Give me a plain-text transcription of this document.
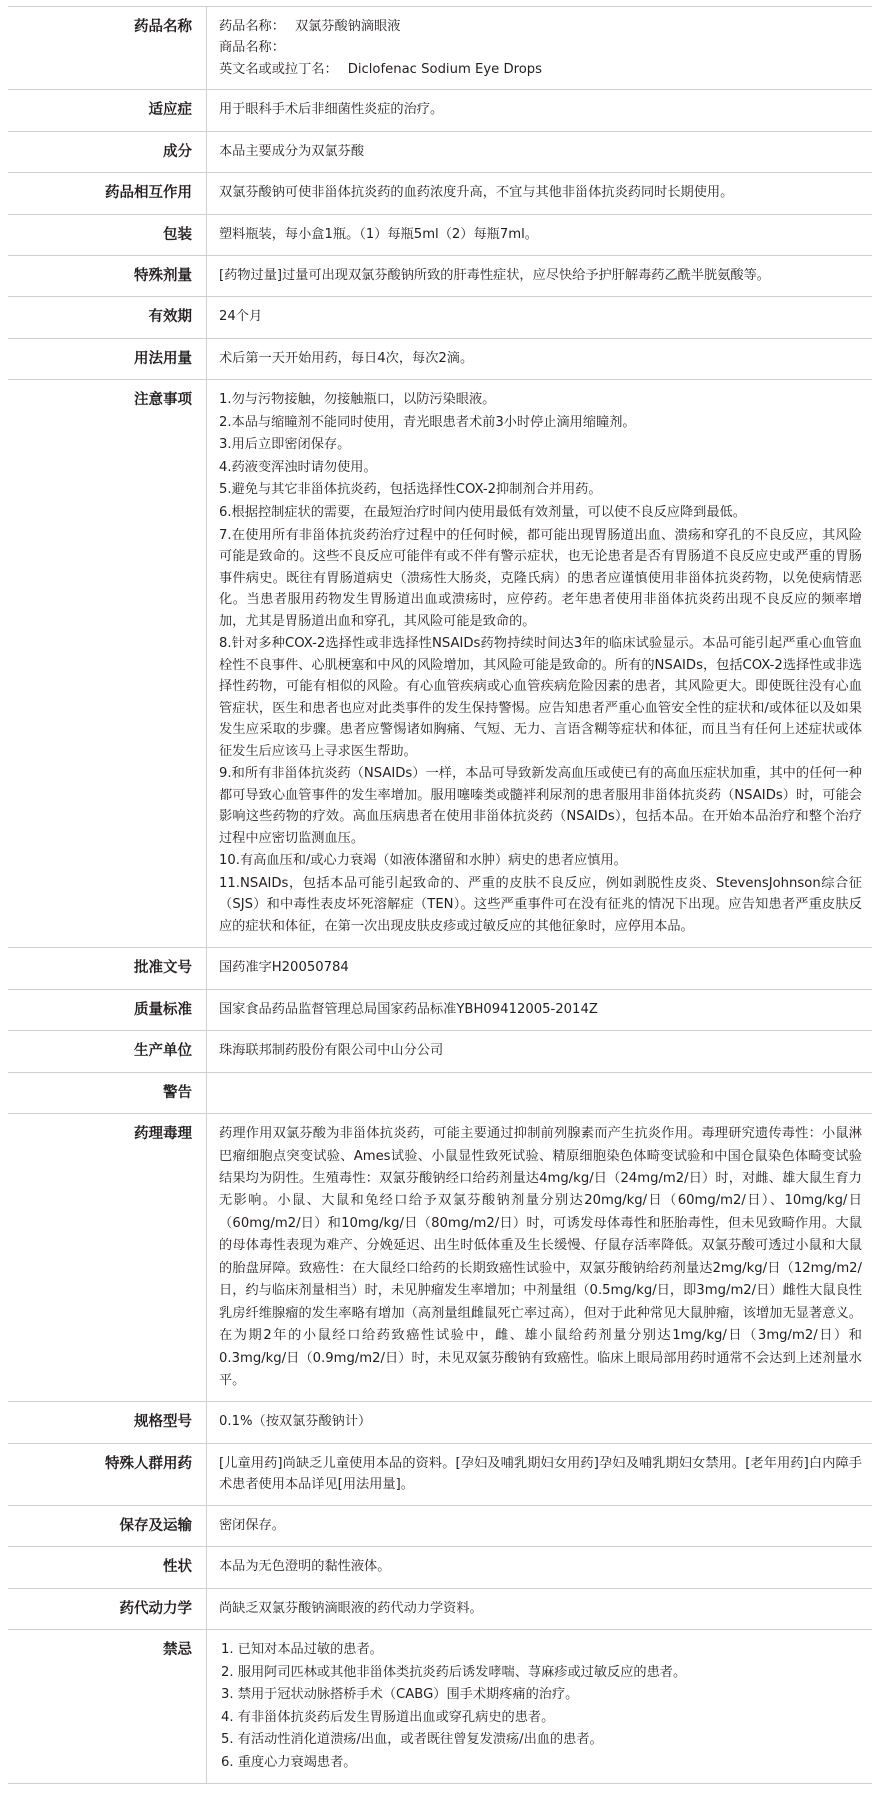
药品名称	药品名称： 双氯芬酸钠滴眼液
商品名称：
英文名或或拉丁名： Diclofenac Sodium Eye Drops

适应症	用于眼科手术后非细菌性炎症的治疗。

成分	本品主要成分为双氯芬酸

药品相互作用	双氯芬酸钠可使非甾体抗炎药的血药浓度升高，不宜与其他非甾体抗炎药同时长期使用。

包装	塑料瓶装，每小盒1瓶。（1）每瓶5ml（2）每瓶7ml。

特殊剂量	[药物过量]过量可出现双氯芬酸钠所致的肝毒性症状，应尽快给予护肝解毒药乙酰半胱氨酸等。

有效期	24个月

用法用量	术后第一天开始用药，每日4次，每次2滴。

注意事项	1.勿与污物接触，勿接触瓶口，以防污染眼液。
2.本品与缩瞳剂不能同时使用，青光眼患者术前3小时停止滴用缩瞳剂。
3.用后立即密闭保存。
4.药液变浑浊时请勿使用。
5.避免与其它非甾体抗炎药，包括选择性COX-2抑制剂合并用药。
6.根据控制症状的需要，在最短治疗时间内使用最低有效剂量，可以使不良反应降到最低。
7.在使用所有非甾体抗炎药治疗过程中的任何时候，都可能出现胃肠道出血、溃疡和穿孔的不良反应，其风险可能是致命的。这些不良反应可能伴有或不伴有警示症状，也无论患者是否有胃肠道不良反应史或严重的胃肠事件病史。既往有胃肠道病史（溃疡性大肠炎，克隆氏病）的患者应谨慎使用非甾体抗炎药物，以免使病情恶化。当患者服用药物发生胃肠道出血或溃疡时，应停药。老年患者使用非甾体抗炎药出现不良反应的频率增加，尤其是胃肠道出血和穿孔，其风险可能是致命的。
8.针对多种COX-2选择性或非选择性NSAIDs药物持续时间达3年的临床试验显示。本品可能引起严重心血管血栓性不良事件、心肌梗塞和中风的风险增加，其风险可能是致命的。所有的NSAIDs，包括COX-2选择性或非选择性药物，可能有相似的风险。有心血管疾病或心血管疾病危险因素的患者，其风险更大。即使既往没有心血管症状，医生和患者也应对此类事件的发生保持警惕。应告知患者严重心血管安全性的症状和/或体征以及如果发生应采取的步骤。患者应警惕诸如胸痛、气短、无力、言语含糊等症状和体征，而且当有任何上述症状或体征发生后应该马上寻求医生帮助。
9.和所有非甾体抗炎药（NSAIDs）一样，本品可导致新发高血压或使已有的高血压症状加重，其中的任何一种都可导致心血管事件的发生率增加。服用噻嗪类或髓袢利尿剂的患者服用非甾体抗炎药（NSAIDs）时，可能会影响这些药物的疗效。高血压病患者在使用非甾体抗炎药（NSAIDs），包括本品。在开始本品治疗和整个治疗过程中应密切监测血压。
10.有高血压和/或心力衰竭（如液体潴留和水肿）病史的患者应慎用。
11.NSAIDs，包括本品可能引起致命的、严重的皮肤不良反应，例如剥脱性皮炎、StevensJohnson综合征（SJS）和中毒性表皮坏死溶解症（TEN）。这些严重事件可在没有征兆的情况下出现。应告知患者严重皮肤反应的症状和体征，在第一次出现皮肤皮疹或过敏反应的其他征象时，应停用本品。

批准文号	国药准字H20050784

质量标准	国家食品药品监督管理总局国家药品标准YBH09412005-2014Z

生产单位	珠海联邦制药股份有限公司中山分公司

警告	

药理毒理	药理作用双氯芬酸为非甾体抗炎药，可能主要通过抑制前列腺素而产生抗炎作用。毒理研究遗传毒性：小鼠淋巴瘤细胞点突变试验、Ames试验、小鼠显性致死试验、精原细胞染色体畸变试验和中国仓鼠染色体畸变试验结果均为阴性。生殖毒性：双氯芬酸钠经口给药剂量达4mg/kg/日（24mg/m2/日）时，对雌、雄大鼠生育力无影响。小鼠、大鼠和兔经口给予双氯芬酸钠剂量分别达20mg/kg/日（60mg/m2/日）、10mg/kg/日（60mg/m2/日）和10mg/kg/日（80mg/m2/日）时，可诱发母体毒性和胚胎毒性，但未见致畸作用。大鼠的母体毒性表现为难产、分娩延迟、出生时低体重及生长缓慢、仔鼠存活率降低。双氯芬酸可透过小鼠和大鼠的胎盘屏障。致癌性：在大鼠经口给药的长期致癌性试验中，双氯芬酸钠给药剂量达2mg/kg/日（12mg/m2/日，约与临床剂量相当）时，未见肿瘤发生率增加；中剂量组（0.5mg/kg/日，即3mg/m2/日）雌性大鼠良性乳房纤维腺瘤的发生率略有增加（高剂量组雌鼠死亡率过高），但对于此种常见大鼠肿瘤，该增加无显著意义。在为期2年的小鼠经口给药致癌性试验中，雌、雄小鼠给药剂量分别达1mg/kg/日（3mg/m2/日）和0.3mg/kg/日（0.9mg/m2/日）时，未见双氯芬酸钠有致癌性。临床上眼局部用药时通常不会达到上述剂量水平。

规格型号	0.1%（按双氯芬酸钠计）

特殊人群用药	[儿童用药]尚缺乏儿童使用本品的资料。[孕妇及哺乳期妇女用药]孕妇及哺乳期妇女禁用。[老年用药]白内障手术患者使用本品详见[用法用量]。

保存及运输	密闭保存。

性状	本品为无色澄明的黏性液体。

药代动力学	尚缺乏双氯芬酸钠滴眼液的药代动力学资料。

禁忌	1. 已知对本品过敏的患者。
2. 服用阿司匹林或其他非甾体类抗炎药后诱发哮喘、荨麻疹或过敏反应的患者。
3. 禁用于冠状动脉搭桥手术（CABG）围手术期疼痛的治疗。
4. 有非甾体抗炎药后发生胃肠道出血或穿孔病史的患者。
5. 有活动性消化道溃疡/出血，或者既往曾复发溃疡/出血的患者。
6. 重度心力衰竭患者。
